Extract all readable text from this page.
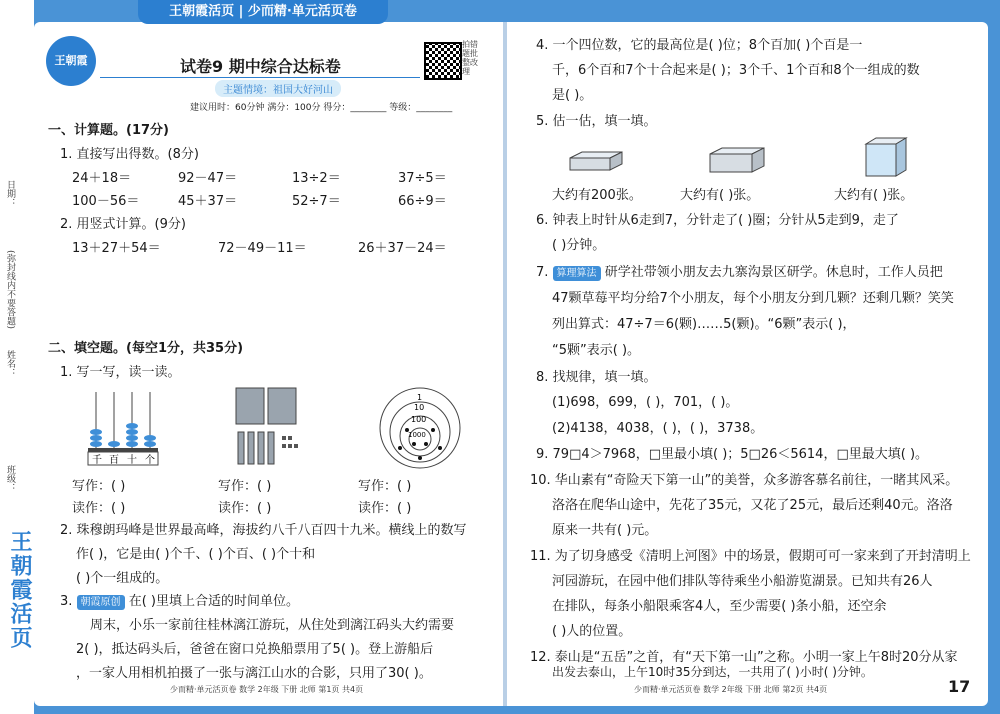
日期：
(弥封线内不要答题)
姓名：
班级：
王朝霞活页
王朝霞活页 | 少而精·单元活页卷
王朝霞	试卷9 期中综合达标卷
主题情境：祖国大好河山
拍错题批整改理
建议用时：60分钟 满分：100分 得分：________ 等级：________
一、计算题。(17分)
1. 直接写出得数。(8分)
24＋18＝	92－47＝	13÷2＝	37÷5＝
100－56＝	45＋37＝	52÷7＝	66÷9＝
2. 用竖式计算。(9分)
13＋27＋54＝	72－49－11＝	26＋37－24＝
二、填空题。(每空1分，共35分)
1. 写一写，读一读。
千 百 十 个
1
10
100
1000
写作：( )	写作：( )	写作：( )
读作：( )	读作：( )	读作：( )
2. 珠穆朗玛峰是世界最高峰，海拔约八千八百四十九米。横线上的数写
作( )，它是由( )个千、( )个百、( )个十和
( )个一组成的。
3. 朝霞原创 在( )里填上合适的时间单位。
周末，小乐一家前往桂林漓江游玩，从住处到漓江码头大约需要
2( )，抵达码头后，爸爸在窗口兑换船票用了5( )。登上游船后
，一家人用相机拍摄了一张与漓江山水的合影，只用了30( )。
4. 一个四位数，它的最高位是( )位；8个百加( )个百是一
千，6个百和7个十合起来是( )；3个千、1个百和8个一组成的数
是( )。
5. 估一估，填一填。
大约有200张。	大约有( )张。	大约有( )张。
6. 钟表上时针从6走到7，分针走了( )圈；分针从5走到9，走了
( )分钟。
7. 算理算法 研学社带领小朋友去九寨沟景区研学。休息时，工作人员把
47颗草莓平均分给7个小朋友，每个小朋友分到几颗？还剩几颗？笑笑
列出算式：47÷7＝6(颗)……5(颗)。“6颗”表示( )，
“5颗”表示( )。
8. 找规律，填一填。
(1)698，699，( )，701，( )。
(2)4138，4038，( )，( )，3738。
9. 79□4＞7968，□里最小填( )；5□26＜5614，□里最大填( )。
10. 华山素有“奇险天下第一山”的美誉，众多游客慕名前往，一睹其风采。
洛洛在爬华山途中，先花了35元，又花了25元，最后还剩40元。洛洛
原来一共有( )元。
11. 为了切身感受《清明上河图》中的场景，假期可可一家来到了开封清明上
河园游玩，在园中他们排队等待乘坐小船游览湖景。已知共有26人
在排队，每条小船限乘客4人，至少需要( )条小船，还空余
( )人的位置。
12. 泰山是“五岳”之首，有“天下第一山”之称。小明一家上午8时20分从家
出发去泰山，上午10时35分到达，一共用了( )小时( )分钟。
少而精·单元活页卷 数学 2年级 下册 北师 第1页 共4页	少而精·单元活页卷 数学 2年级 下册 北师 第2页 共4页	17
